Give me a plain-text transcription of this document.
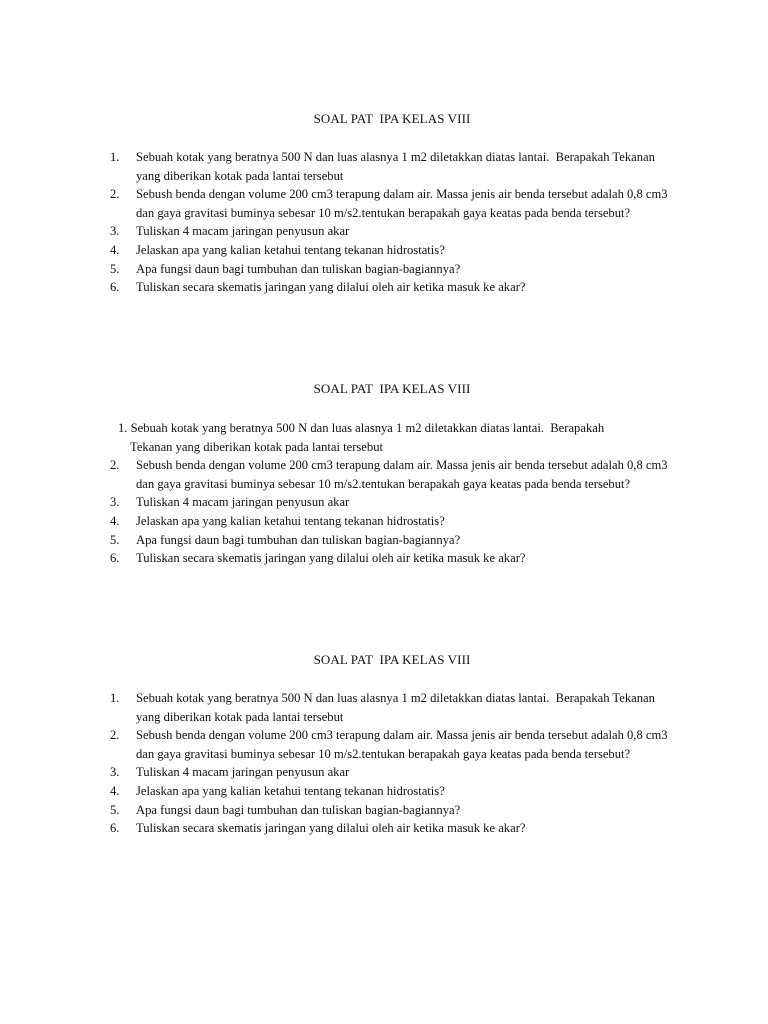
SOAL PAT  IPA KELAS VIII
1. Sebuah kotak yang beratnya 500 N dan luas alasnya 1 m2 diletakkan diatas lantai.  Berapakah Tekanan yang diberikan kotak pada lantai tersebut
2. Sebush benda dengan volume 200 cm3 terapung dalam air. Massa jenis air benda tersebut adalah 0,8 cm3 dan gaya gravitasi buminya sebesar 10 m/s2.tentukan berapakah gaya keatas pada benda tersebut?
3. Tuliskan 4 macam jaringan penyusun akar
4. Jelaskan apa yang kalian ketahui tentang tekanan hidrostatis?
5. Apa fungsi daun bagi tumbuhan dan tuliskan bagian-bagiannya?
6. Tuliskan secara skematis jaringan yang dilalui oleh air ketika masuk ke akar?
SOAL PAT  IPA KELAS VIII
1. Sebuah kotak yang beratnya 500 N dan luas alasnya 1 m2 diletakkan diatas lantai.  Berapakah
Tekanan yang diberikan kotak pada lantai tersebut
2. Sebush benda dengan volume 200 cm3 terapung dalam air. Massa jenis air benda tersebut adalah 0,8 cm3 dan gaya gravitasi buminya sebesar 10 m/s2.tentukan berapakah gaya keatas pada benda tersebut?
3. Tuliskan 4 macam jaringan penyusun akar
4. Jelaskan apa yang kalian ketahui tentang tekanan hidrostatis?
5. Apa fungsi daun bagi tumbuhan dan tuliskan bagian-bagiannya?
6. Tuliskan secara skematis jaringan yang dilalui oleh air ketika masuk ke akar?
SOAL PAT  IPA KELAS VIII
1. Sebuah kotak yang beratnya 500 N dan luas alasnya 1 m2 diletakkan diatas lantai.  Berapakah Tekanan yang diberikan kotak pada lantai tersebut
2. Sebush benda dengan volume 200 cm3 terapung dalam air. Massa jenis air benda tersebut adalah 0,8 cm3 dan gaya gravitasi buminya sebesar 10 m/s2.tentukan berapakah gaya keatas pada benda tersebut?
3. Tuliskan 4 macam jaringan penyusun akar
4. Jelaskan apa yang kalian ketahui tentang tekanan hidrostatis?
5. Apa fungsi daun bagi tumbuhan dan tuliskan bagian-bagiannya?
6. Tuliskan secara skematis jaringan yang dilalui oleh air ketika masuk ke akar?
